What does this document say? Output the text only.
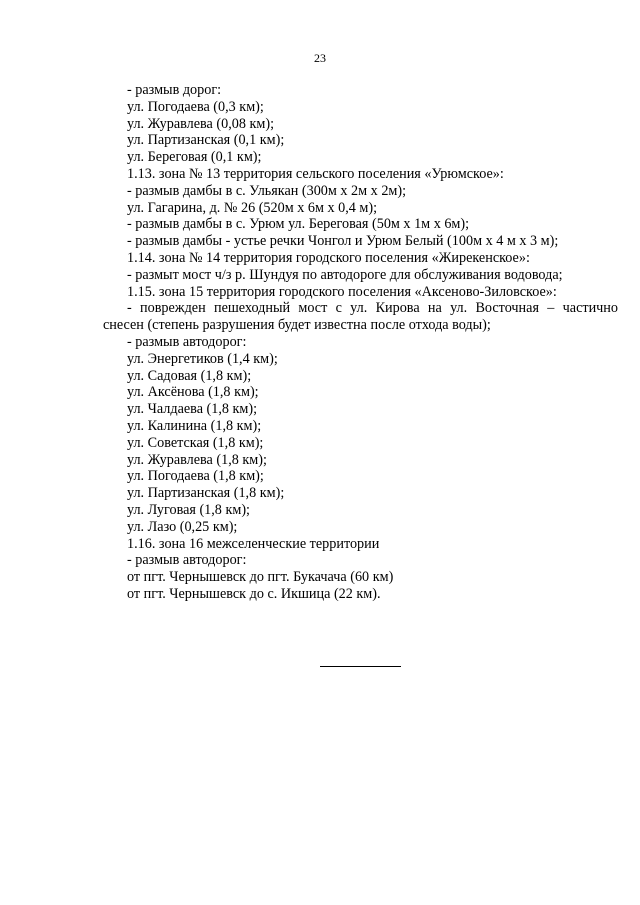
23
- размыв дорог:
ул. Погодаева (0,3 км);
ул. Журавлева (0,08 км);
ул. Партизанская (0,1 км);
ул. Береговая (0,1 км);
1.13. зона № 13 территория сельского поселения «Урюмское»:
- размыв дамбы в с. Ульякан (300м х 2м х 2м);
ул. Гагарина, д. № 26 (520м х 6м х 0,4 м);
- размыв дамбы в с. Урюм ул. Береговая (50м х 1м х 6м);
- размыв дамбы - устье речки Чонгол и Урюм Белый (100м х 4 м х 3 м);
1.14. зона № 14 территория городского поселения «Жирекенское»:
- размыт мост ч/з р. Шундуя по автодороге для обслуживания водовода;
1.15. зона 15 территория городского поселения «Аксеново-Зиловское»:
- поврежден пешеходный мост с ул. Кирова на ул. Восточная – частично
снесен (степень разрушения будет известна после отхода воды);
- размыв автодорог:
ул. Энергетиков (1,4 км);
ул. Садовая (1,8 км);
ул. Аксёнова (1,8 км);
ул. Чалдаева (1,8 км);
ул. Калинина (1,8 км);
ул. Советская (1,8 км);
ул. Журавлева (1,8 км);
ул. Погодаева (1,8 км);
ул. Партизанская (1,8 км);
ул. Луговая (1,8 км);
ул. Лазо (0,25 км);
1.16. зона 16 межселенческие территории
- размыв автодорог:
от пгт. Чернышевск до пгт. Букачача (60 км)
от пгт. Чернышевск до с. Икшица (22 км).
